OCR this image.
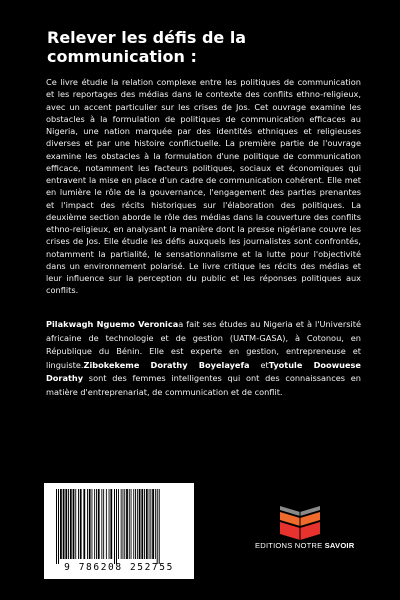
Relever les défis de la communication :

Ce livre étudie la relation complexe entre les politiques de communication et les reportages des médias dans le contexte des conflits ethno-religieux, avec un accent particulier sur les crises de Jos. Cet ouvrage examine les obstacles à la formulation de politiques de communication efficaces au Nigeria, une nation marquée par des identités ethniques et religieuses diverses et par une histoire conflictuelle. La première partie de l'ouvrage examine les obstacles à la formulation d'une politique de communication efficace, notamment les facteurs politiques, sociaux et économiques qui entravent la mise en place d'un cadre de communication cohérent. Elle met en lumière le rôle de la gouvernance, l'engagement des parties prenantes et l'impact des récits historiques sur l'élaboration des politiques. La deuxième section aborde le rôle des médias dans la couverture des conflits ethno-religieux, en analysant la manière dont la presse nigériane couvre les crises de Jos. Elle étudie les défis auxquels les journalistes sont confrontés, notamment la partialité, le sensationnalisme et la lutte pour l'objectivité dans un environnement polarisé. Le livre critique les récits des médias et leur influence sur la perception du public et les réponses politiques aux conflits.

Pilakwagh Nguemo Veronicaa fait ses études au Nigeria et à l'Université africaine de technologie et de gestion (UATM-GASA), à Cotonou, en République du Bénin. Elle est experte en gestion, entrepreneuse et linguiste.Zibokekeme Dorathy Boyelayefa etTyotule Doowuese Dorathy sont des femmes intelligentes qui ont des connaissances en matière d'entreprenariat, de communication et de conflit.

9 786208 252755
EDITIONS NOTRE SAVOIR
